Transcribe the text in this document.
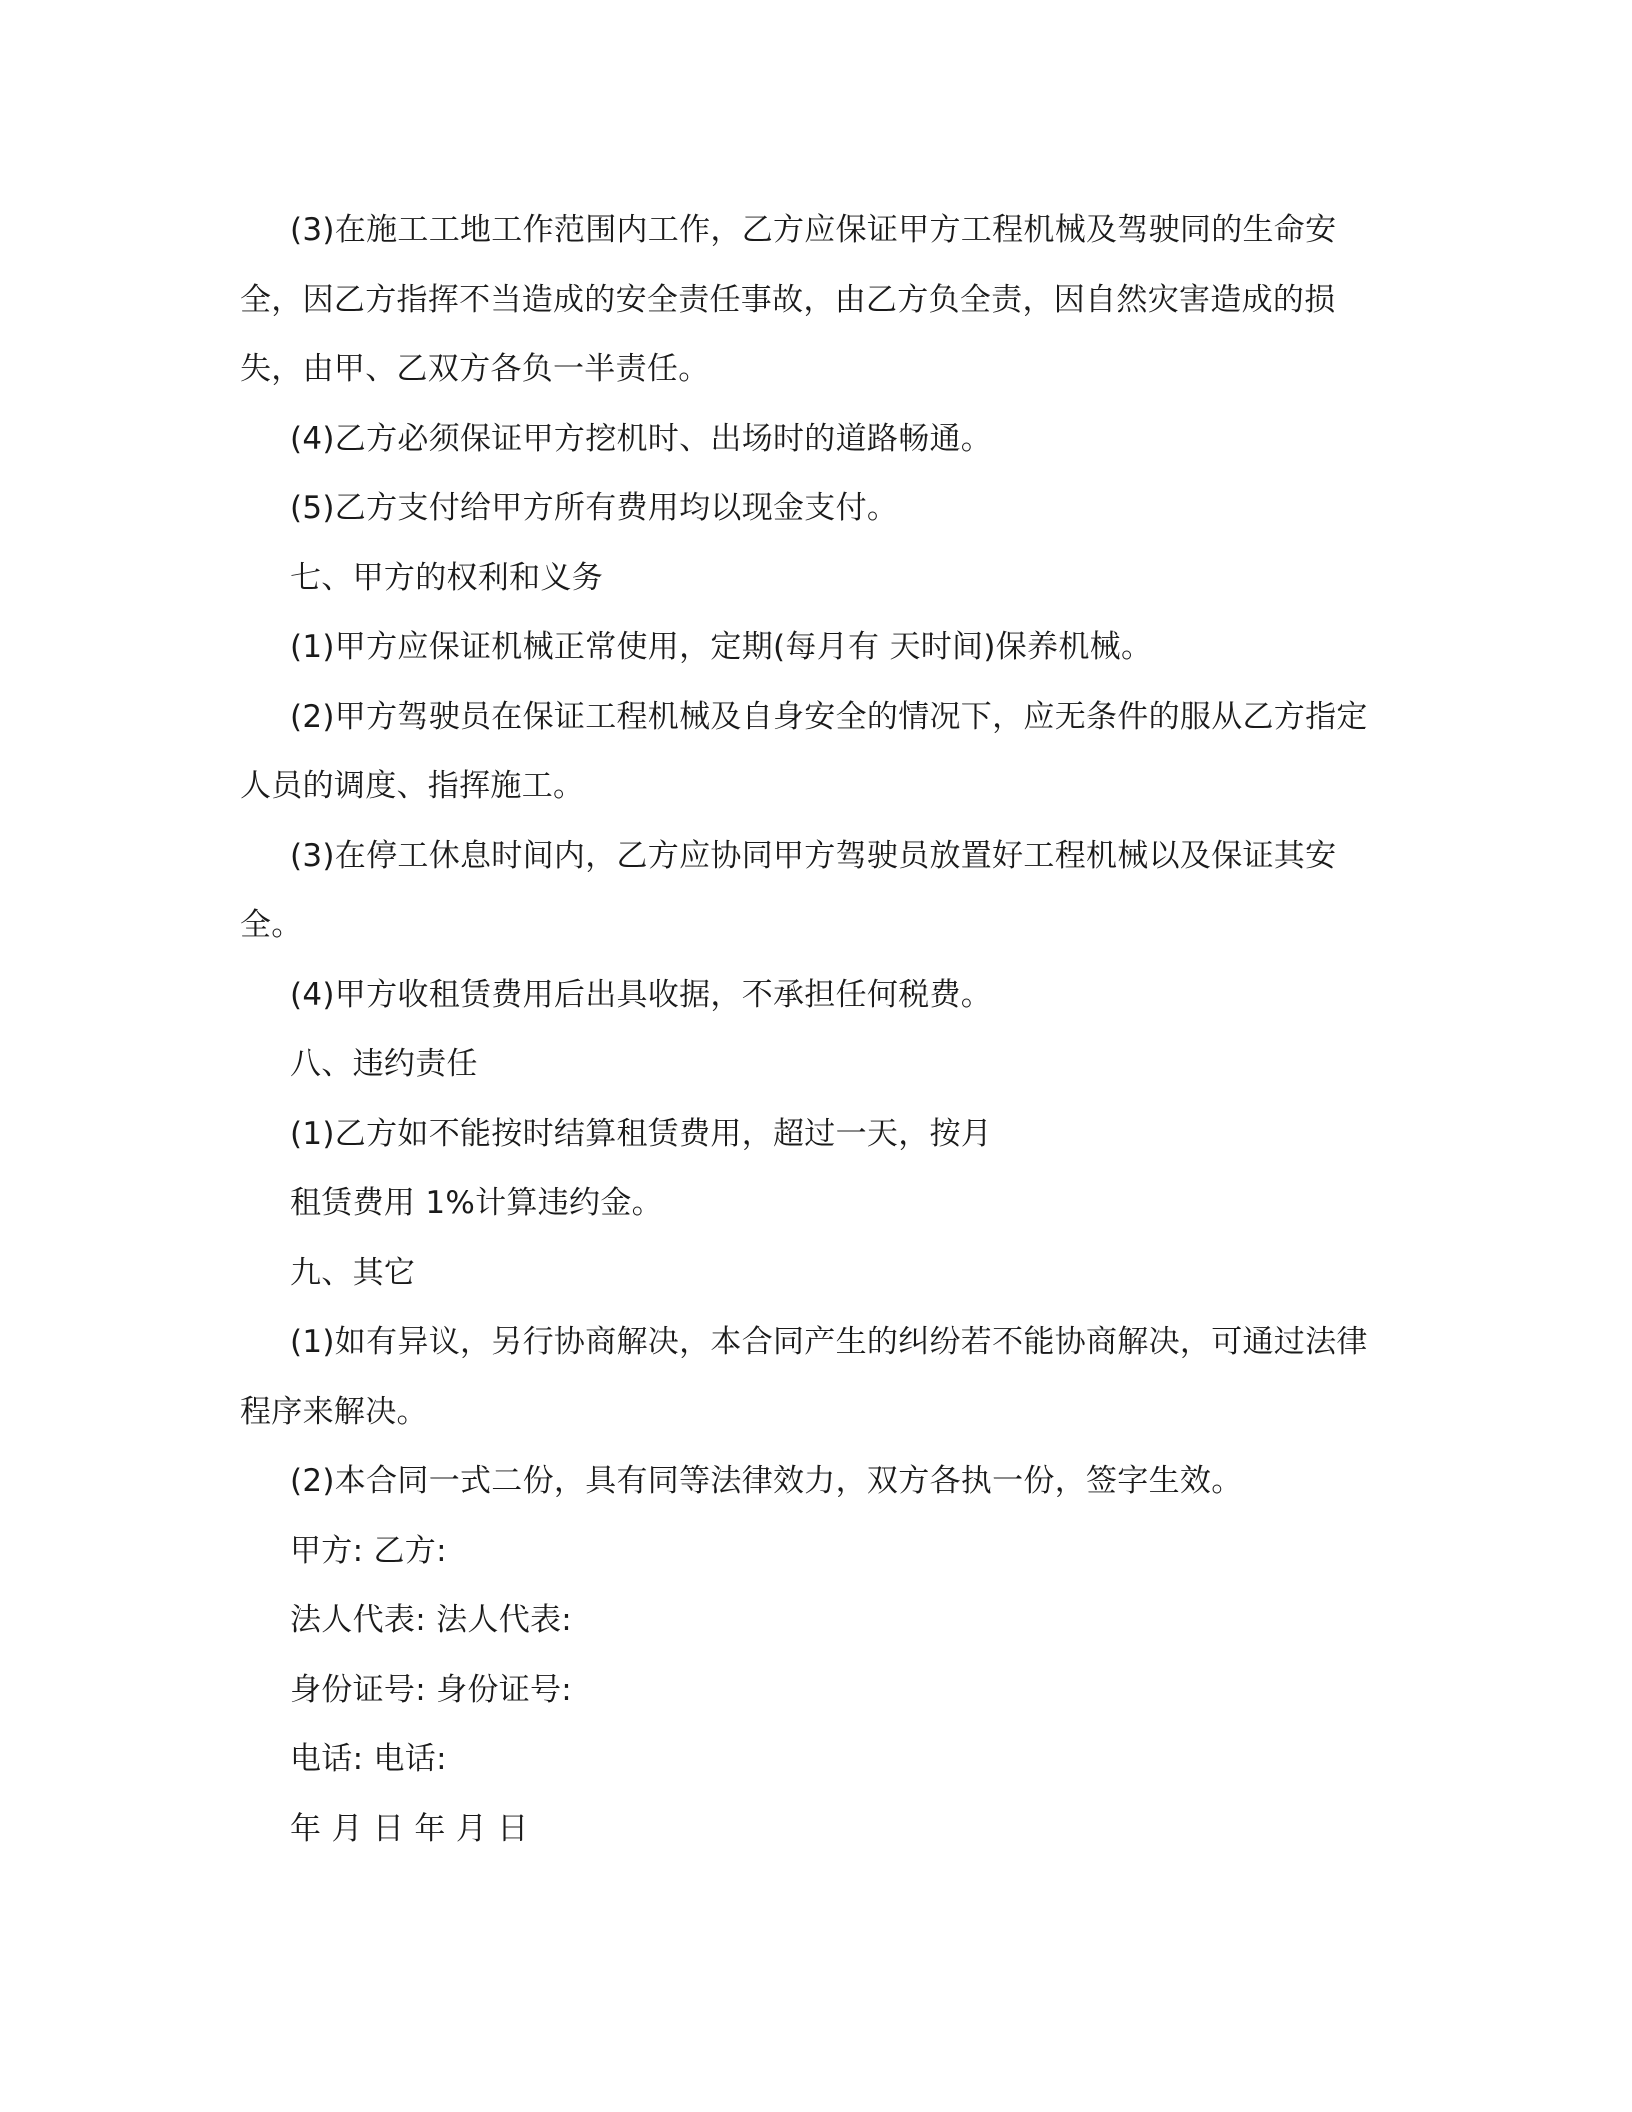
(3)在施工工地工作范围内工作，乙方应保证甲方工程机械及驾驶同的生命安
全，因乙方指挥不当造成的安全责任事故，由乙方负全责，因自然灾害造成的损
失，由甲、乙双方各负一半责任。
(4)乙方必须保证甲方挖机时、出场时的道路畅通。
(5)乙方支付给甲方所有费用均以现金支付。
七、甲方的权利和义务
(1)甲方应保证机械正常使用，定期(每月有 天时间)保养机械。
(2)甲方驾驶员在保证工程机械及自身安全的情况下，应无条件的服从乙方指定
人员的调度、指挥施工。
(3)在停工休息时间内，乙方应协同甲方驾驶员放置好工程机械以及保证其安
全。
(4)甲方收租赁费用后出具收据，不承担任何税费。
八、违约责任
(1)乙方如不能按时结算租赁费用，超过一天，按月
租赁费用 1%计算违约金。
九、其它
(1)如有异议，另行协商解决，本合同产生的纠纷若不能协商解决，可通过法律
程序来解决。
(2)本合同一式二份，具有同等法律效力，双方各执一份，签字生效。
甲方: 乙方:
法人代表: 法人代表:
身份证号: 身份证号:
电话: 电话:
年 月 日 年 月 日
